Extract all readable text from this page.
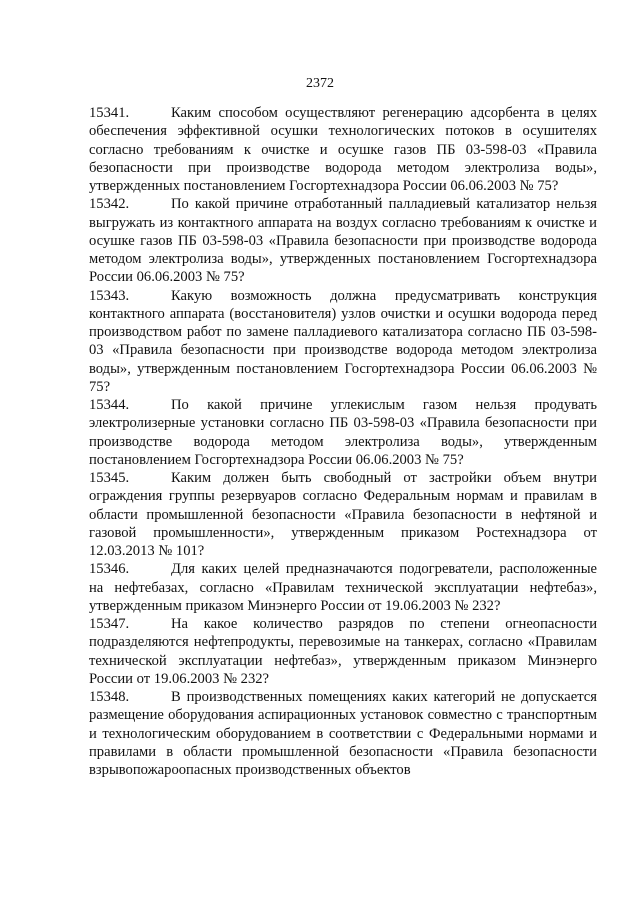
2372

15341.	Каким способом осуществляют регенерацию адсорбента в целях обеспечения эффективной осушки технологических потоков в осушителях согласно требованиям к очистке и осушке газов ПБ 03-598-03 «Правила безопасности при производстве водорода методом электролиза воды», утвержденных постановлением Госгортехнадзора России 06.06.2003 № 75?

15342.	По какой причине отработанный палладиевый катализатор нельзя выгружать из контактного аппарата на воздух согласно требованиям к очистке и осушке газов ПБ 03-598-03 «Правила безопасности при производстве водорода методом электролиза воды», утвержденных постановлением Госгортехнадзора России 06.06.2003 № 75?

15343.	Какую возможность должна предусматривать конструкция контактного аппарата (восстановителя) узлов очистки и осушки водорода перед производством работ по замене палладиевого катализатора согласно ПБ 03-598-03 «Правила безопасности при производстве водорода методом электролиза воды», утвержденным постановлением Госгортехнадзора России 06.06.2003 № 75?

15344.	По какой причине углекислым газом нельзя продувать электролизерные установки согласно ПБ 03-598-03 «Правила безопасности при производстве водорода методом электролиза воды», утвержденным постановлением Госгортехнадзора России 06.06.2003 № 75?

15345.	Каким должен быть свободный от застройки объем внутри ограждения группы резервуаров согласно Федеральным нормам и правилам в области промышленной безопасности «Правила безопасности в нефтяной и газовой промышленности», утвержденным приказом Ростехнадзора от 12.03.2013 № 101?

15346.	Для каких целей предназначаются подогреватели, расположенные на нефтебазах, согласно «Правилам технической эксплуатации нефтебаз», утвержденным приказом Минэнерго России от 19.06.2003 № 232?

15347.	На какое количество разрядов по степени огнеопасности подразделяются нефтепродукты, перевозимые на танкерах, согласно «Правилам технической эксплуатации нефтебаз», утвержденным приказом Минэнерго России от 19.06.2003 № 232?

15348.	В производственных помещениях каких категорий не допускается размещение оборудования аспирационных установок совместно с транспортным и технологическим оборудованием в соответствии с Федеральными нормами и правилами в области промышленной безопасности «Правила безопасности взрывопожароопасных производственных объектов
